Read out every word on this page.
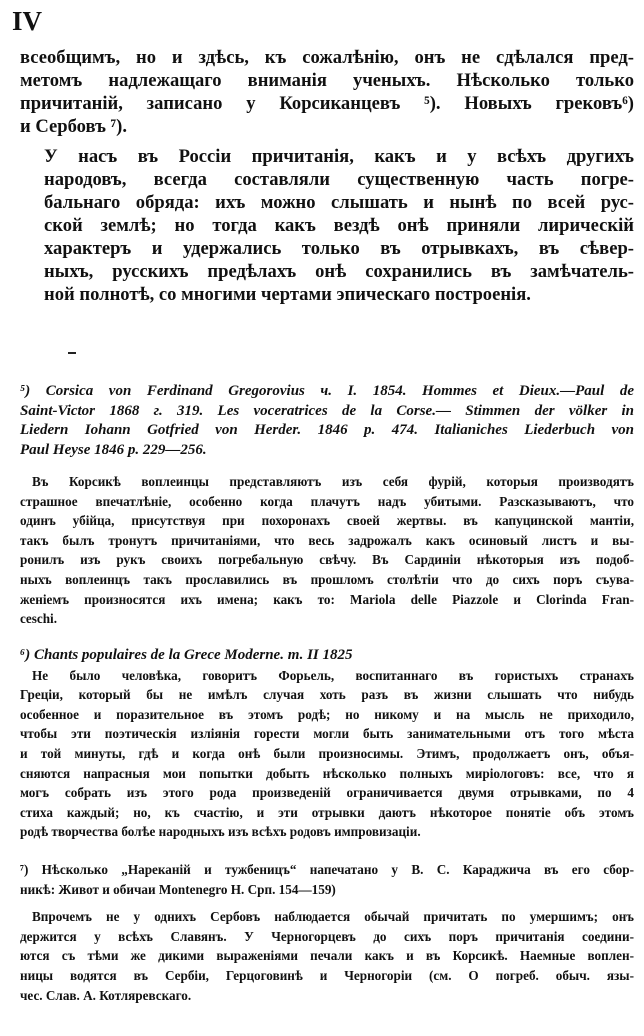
IV

всеобщимъ, но и здѣсь, къ сожалѣнію, онъ не сдѣлался пред-
метомъ надлежащаго вниманія ученыхъ. Нѣсколько только
причитаній, записано у Корсиканцевъ ⁵). Новыхъ грековъ⁶)
и Сербовъ ⁷).

У насъ въ Россіи причитанія, какъ и у всѣхъ другихъ
народовъ, всегда составляли существенную часть погре-
бальнаго обряда: ихъ можно слышать и нынѣ по всей рус-
ской землѣ; но тогда какъ вездѣ онѣ приняли лирическій
характеръ и удержались только въ отрывкахъ, въ сѣвер-
ныхъ, русскихъ предѣлахъ онѣ сохранились въ замѣчатель-
ной полнотѣ, со многими чертами эпическаго построенія.

⁵) Corsica von Ferdinand Gregorovius ч. I. 1854. Hommes et Dieux.—Paul de
Saint-Victor 1868 г. 319. Les voceratrices de la Corse.— Stimmen der völker in
Liedern Iohann Gotfried von Herder. 1846 p. 474. Italianiches Liederbuch von
Paul Heyse 1846 p. 229—256.
Въ Корсикѣ воплеинцы представляютъ изъ себя фурій, которыя производятъ
страшное впечатлѣніе, особенно когда плачутъ надъ убитыми. Разсказываютъ, что
одинъ убійца, присутствуя при похоронахъ своей жертвы. въ капуцинской мантіи,
такъ былъ тронутъ причитаніями, что весь задрожалъ какъ осиновый листъ и вы-
ронилъ изъ рукъ своихъ погребальную свѣчу. Въ Сардиніи нѣкоторыя изъ подоб-
ныхъ воплеинцъ такъ прославились въ прошломъ столѣтіи что до сихъ поръ съува-
женіемъ произносятся ихъ имена; какъ то: Mariola delle Piazzole и Clorinda Fran-
ceschi.
⁶) Chants populaires de la Grece Moderne. т. II 1825
Не было человѣка, говоритъ Форьель, воспитаннаго въ гористыхъ странахъ
Греціи, который бы не имѣлъ случая хоть разъ въ жизни слышать что нибудь
особенное и поразительное въ этомъ родѣ; но никому и на мысль не приходило,
чтобы эти поэтическія изліянія горести могли быть занимательными отъ того мѣста
и той минуты, гдѣ и когда онѣ были произносимы. Этимъ, продолжаетъ онъ, объя-
сняются напрасныя мои попытки добыть нѣсколько полныхъ миріологовъ: все, что я
могъ собрать изъ этого рода произведеній ограничивается двумя отрывками, по 4
стиха каждый; но, къ счастію, и эти отрывки даютъ нѣкоторое понятіе объ этомъ
родѣ творчества болѣе народныхъ изъ всѣхъ родовъ импровизаціи.
⁷) Нѣсколько „Нареканій и тужбеницъ“ напечатано у В. С. Караджича въ его сбор-
никѣ: Живот и обичаи Montenegro Н. Срп. 154—159)
Впрочемъ не у однихъ Сербовъ наблюдается обычай причитать по умершимъ; онъ
держится у всѣхъ Славянъ. У Черногорцевъ до сихъ поръ причитанія соедини-
ются съ тѣми же дикими выраженіями печали какъ и въ Корсикѣ. Наемные воплен-
ницы водятся въ Сербіи, Герцоговинѣ и Черногоріи (см. О погреб. обыч. язы-
чес. Слав. А. Котляревскаго.
